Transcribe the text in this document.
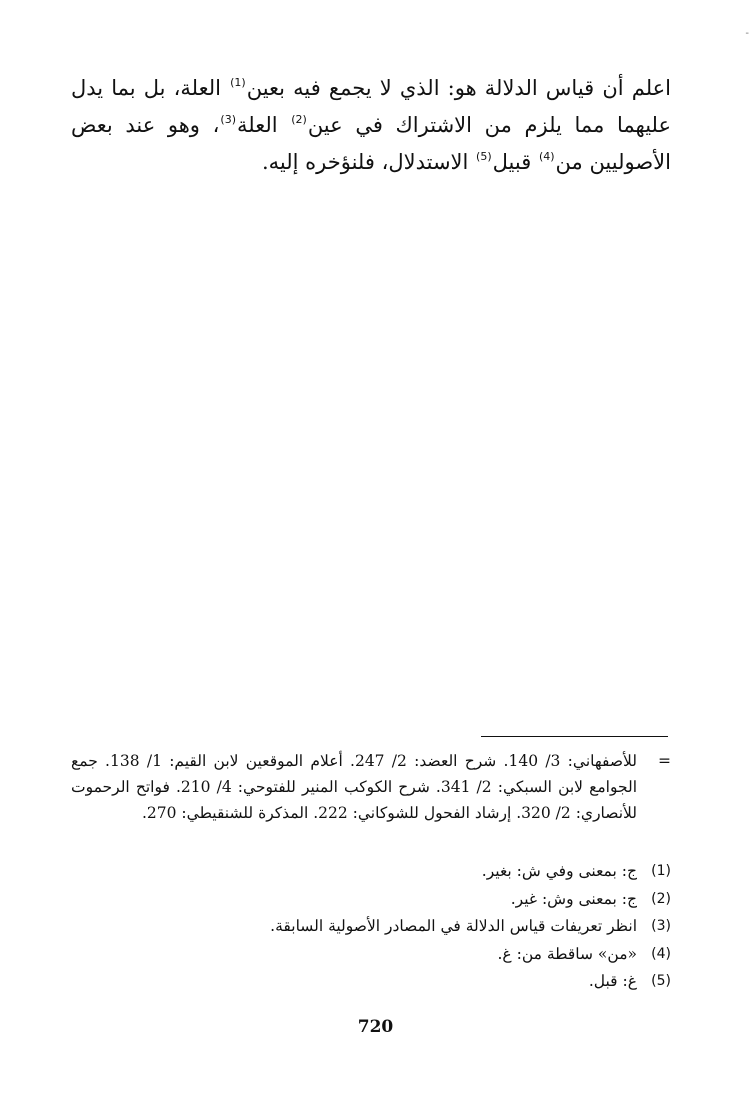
-

اعلم أن قياس الدلالة هو: الذي لا يجمع فيه بعين$^{(1)}$ العلة، بل بما يدل عليهما مما يلزم من الاشتراك في عين$^{(2)}$ العلة$^{(3)}$، وهو عند بعض الأصوليين من$^{(4)}$ قبيل$^{(5)}$ الاستدلال، فلنؤخره إليه.

=

للأصفهاني: 3/ 140. شرح العضد: 2/ 247. أعلام الموقعين لابن القيم: 1/ 138. جمع الجوامع لابن السبكي: 2/ 341. شرح الكوكب المنير للفتوحي: 4/ 210. فواتح الرحموت للأنصاري: 2/ 320. إرشاد الفحول للشوكاني: 222. المذكرة للشنقيطي: 270.

(1)
ج: بمعنى وفي ش: بغير.
(2)
ج: بمعنى وش: غير.
(3)
انظر تعريفات قياس الدلالة في المصادر الأصولية السابقة.
(4)
«من» ساقطة من: غ.
(5)
غ: قبل.
720
